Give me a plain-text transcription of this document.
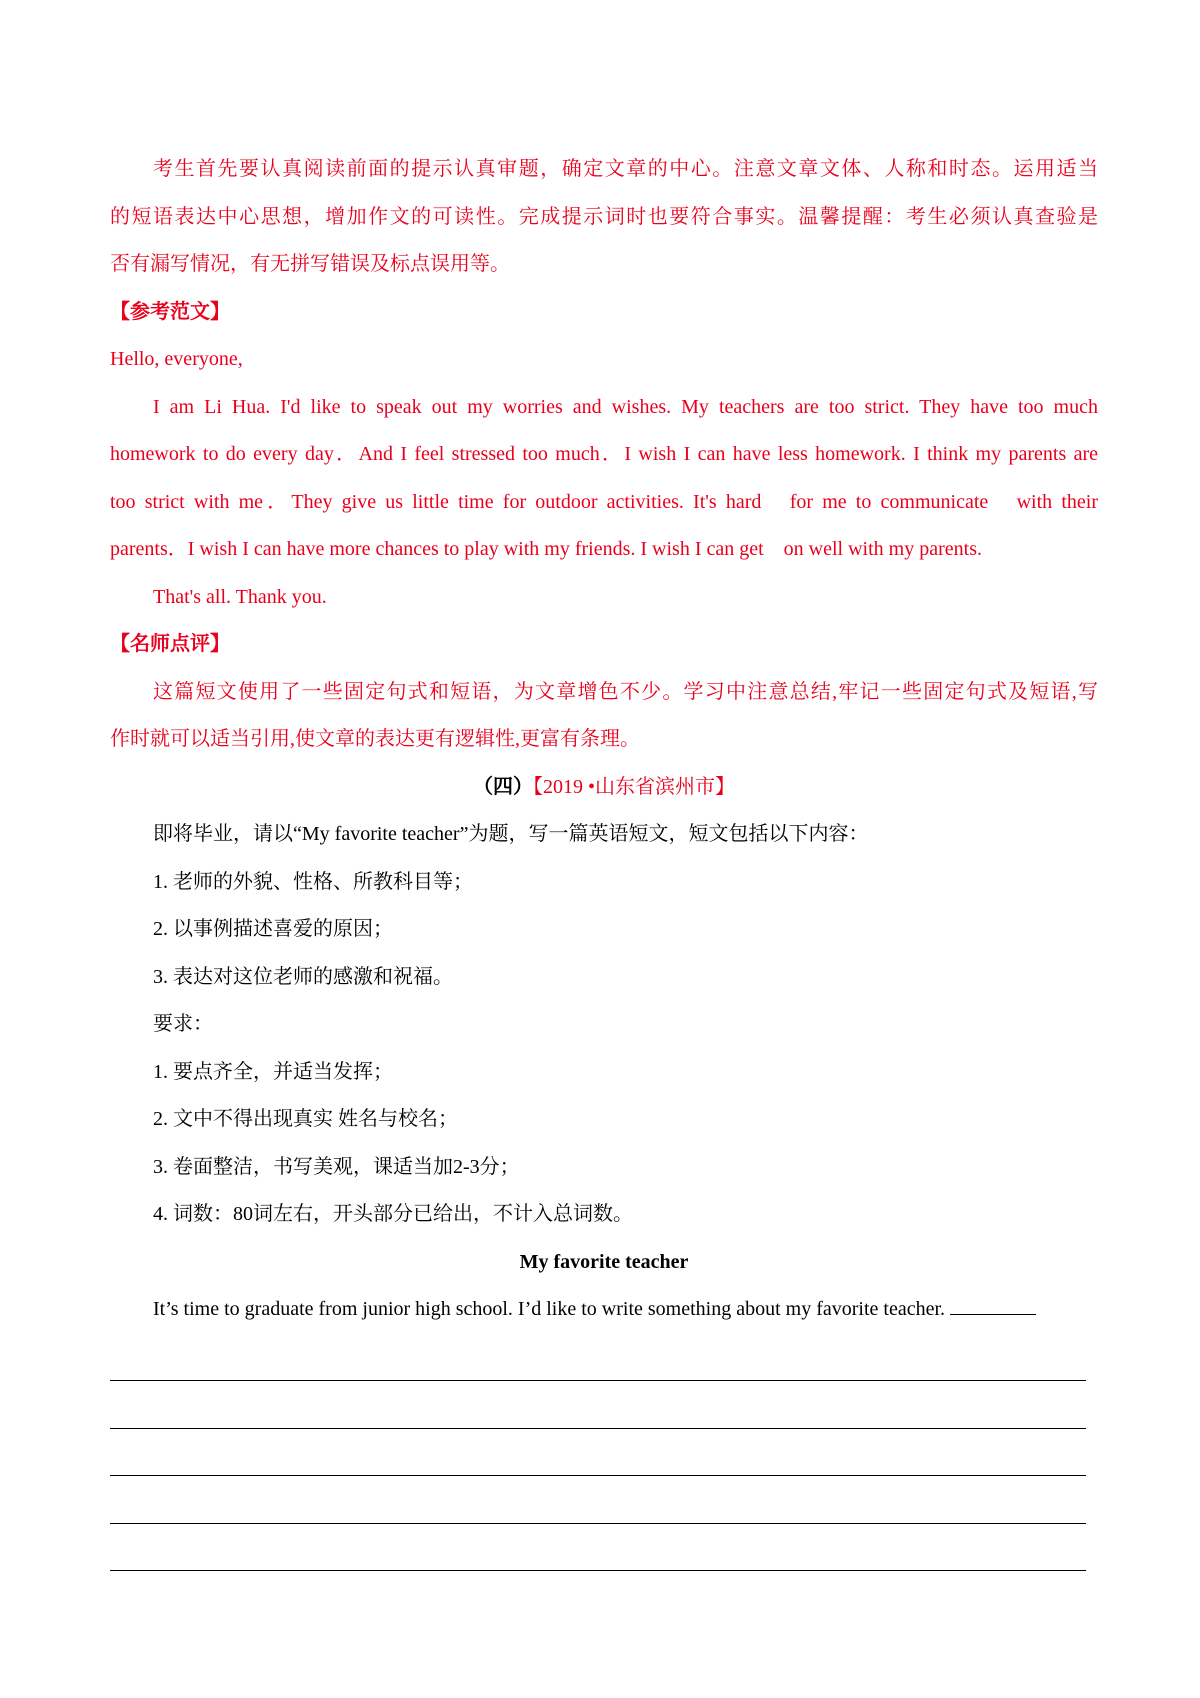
考生首先要认真阅读前面的提示认真审题，确定文章的中心。注意文章文体、人称和时态。运用适当

的短语表达中心思想，增加作文的可读性。完成提示词时也要符合事实。温馨提醒：考生必须认真查验是

否有漏写情况，有无拼写错误及标点误用等。

【参考范文】

Hello, everyone,

I am Li Hua. I'd like to speak out my worries and wishes. My teachers are too strict. They have too much

homework to do every day．And I feel stressed too much．I wish I can have less homework. I think my parents are

too strict with me．They give us little time for outdoor activities. It's hard　for me to communicate　with their

parents．I wish I can have more chances to play with my friends. I wish I can get　on well with my parents.

That's all. Thank you.

【名师点评】

这篇短文使用了一些固定句式和短语，为文章增色不少。学习中注意总结,牢记一些固定句式及短语,写

作时就可以适当引用,使文章的表达更有逻辑性,更富有条理。

（四）【2019 •山东省滨州市】

即将毕业，请以“My favorite teacher”为题，写一篇英语短文，短文包括以下内容：

1. 老师的外貌、性格、所教科目等；

2. 以事例描述喜爱的原因；

3. 表达对这位老师的感激和祝福。

要求：

1. 要点齐全，并适当发挥；

2. 文中不得出现真实 姓名与校名；

3. 卷面整洁，书写美观，课适当加2-3分；

4. 词数：80词左右，开头部分已给出，不计入总词数。

My favorite teacher

It’s time to graduate from junior high school. I’d like to write something about my favorite teacher.
